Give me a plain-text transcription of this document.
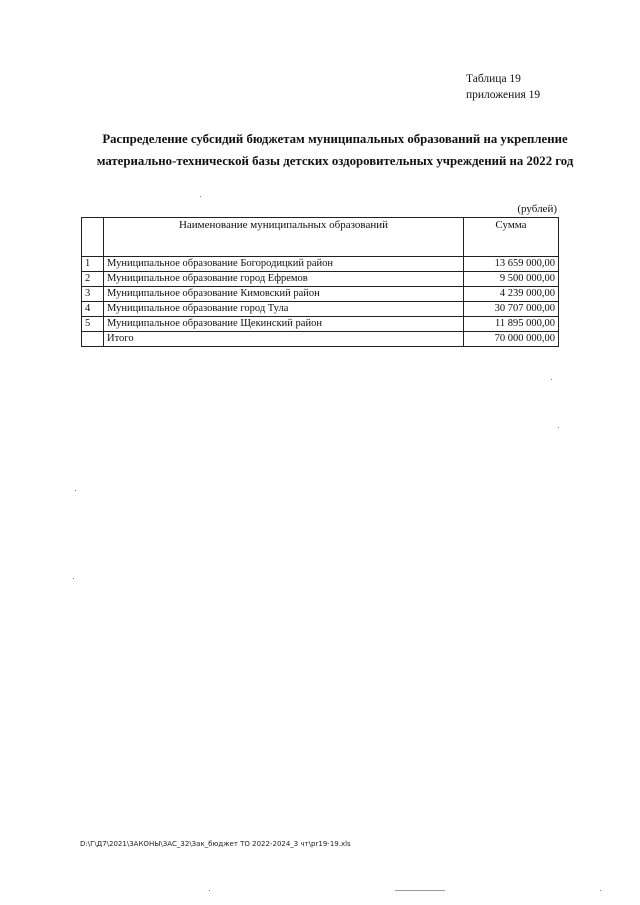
Таблица 19
приложения 19
Распределение субсидий бюджетам муниципальных образований на укрепление
материально-технической базы детских оздоровительных учреждений на 2022 год
(рублей)
	Наименование муниципальных образований	Сумма
1	Муниципальное образование Богородицкий район	13 659 000,00
2	Муниципальное образование город Ефремов	9 500 000,00
3	Муниципальное образование Кимовский район	4 239 000,00
4	Муниципальное образование город Тула	30 707 000,00
5	Муниципальное образование Щекинский район	11 895 000,00
	Итого	70 000 000,00
D:\Г\Д7\2021\ЗАКОНЫ\ЗАС_32\Зак_бюджет ТО 2022-2024_3 чт\pr19-19.xls
